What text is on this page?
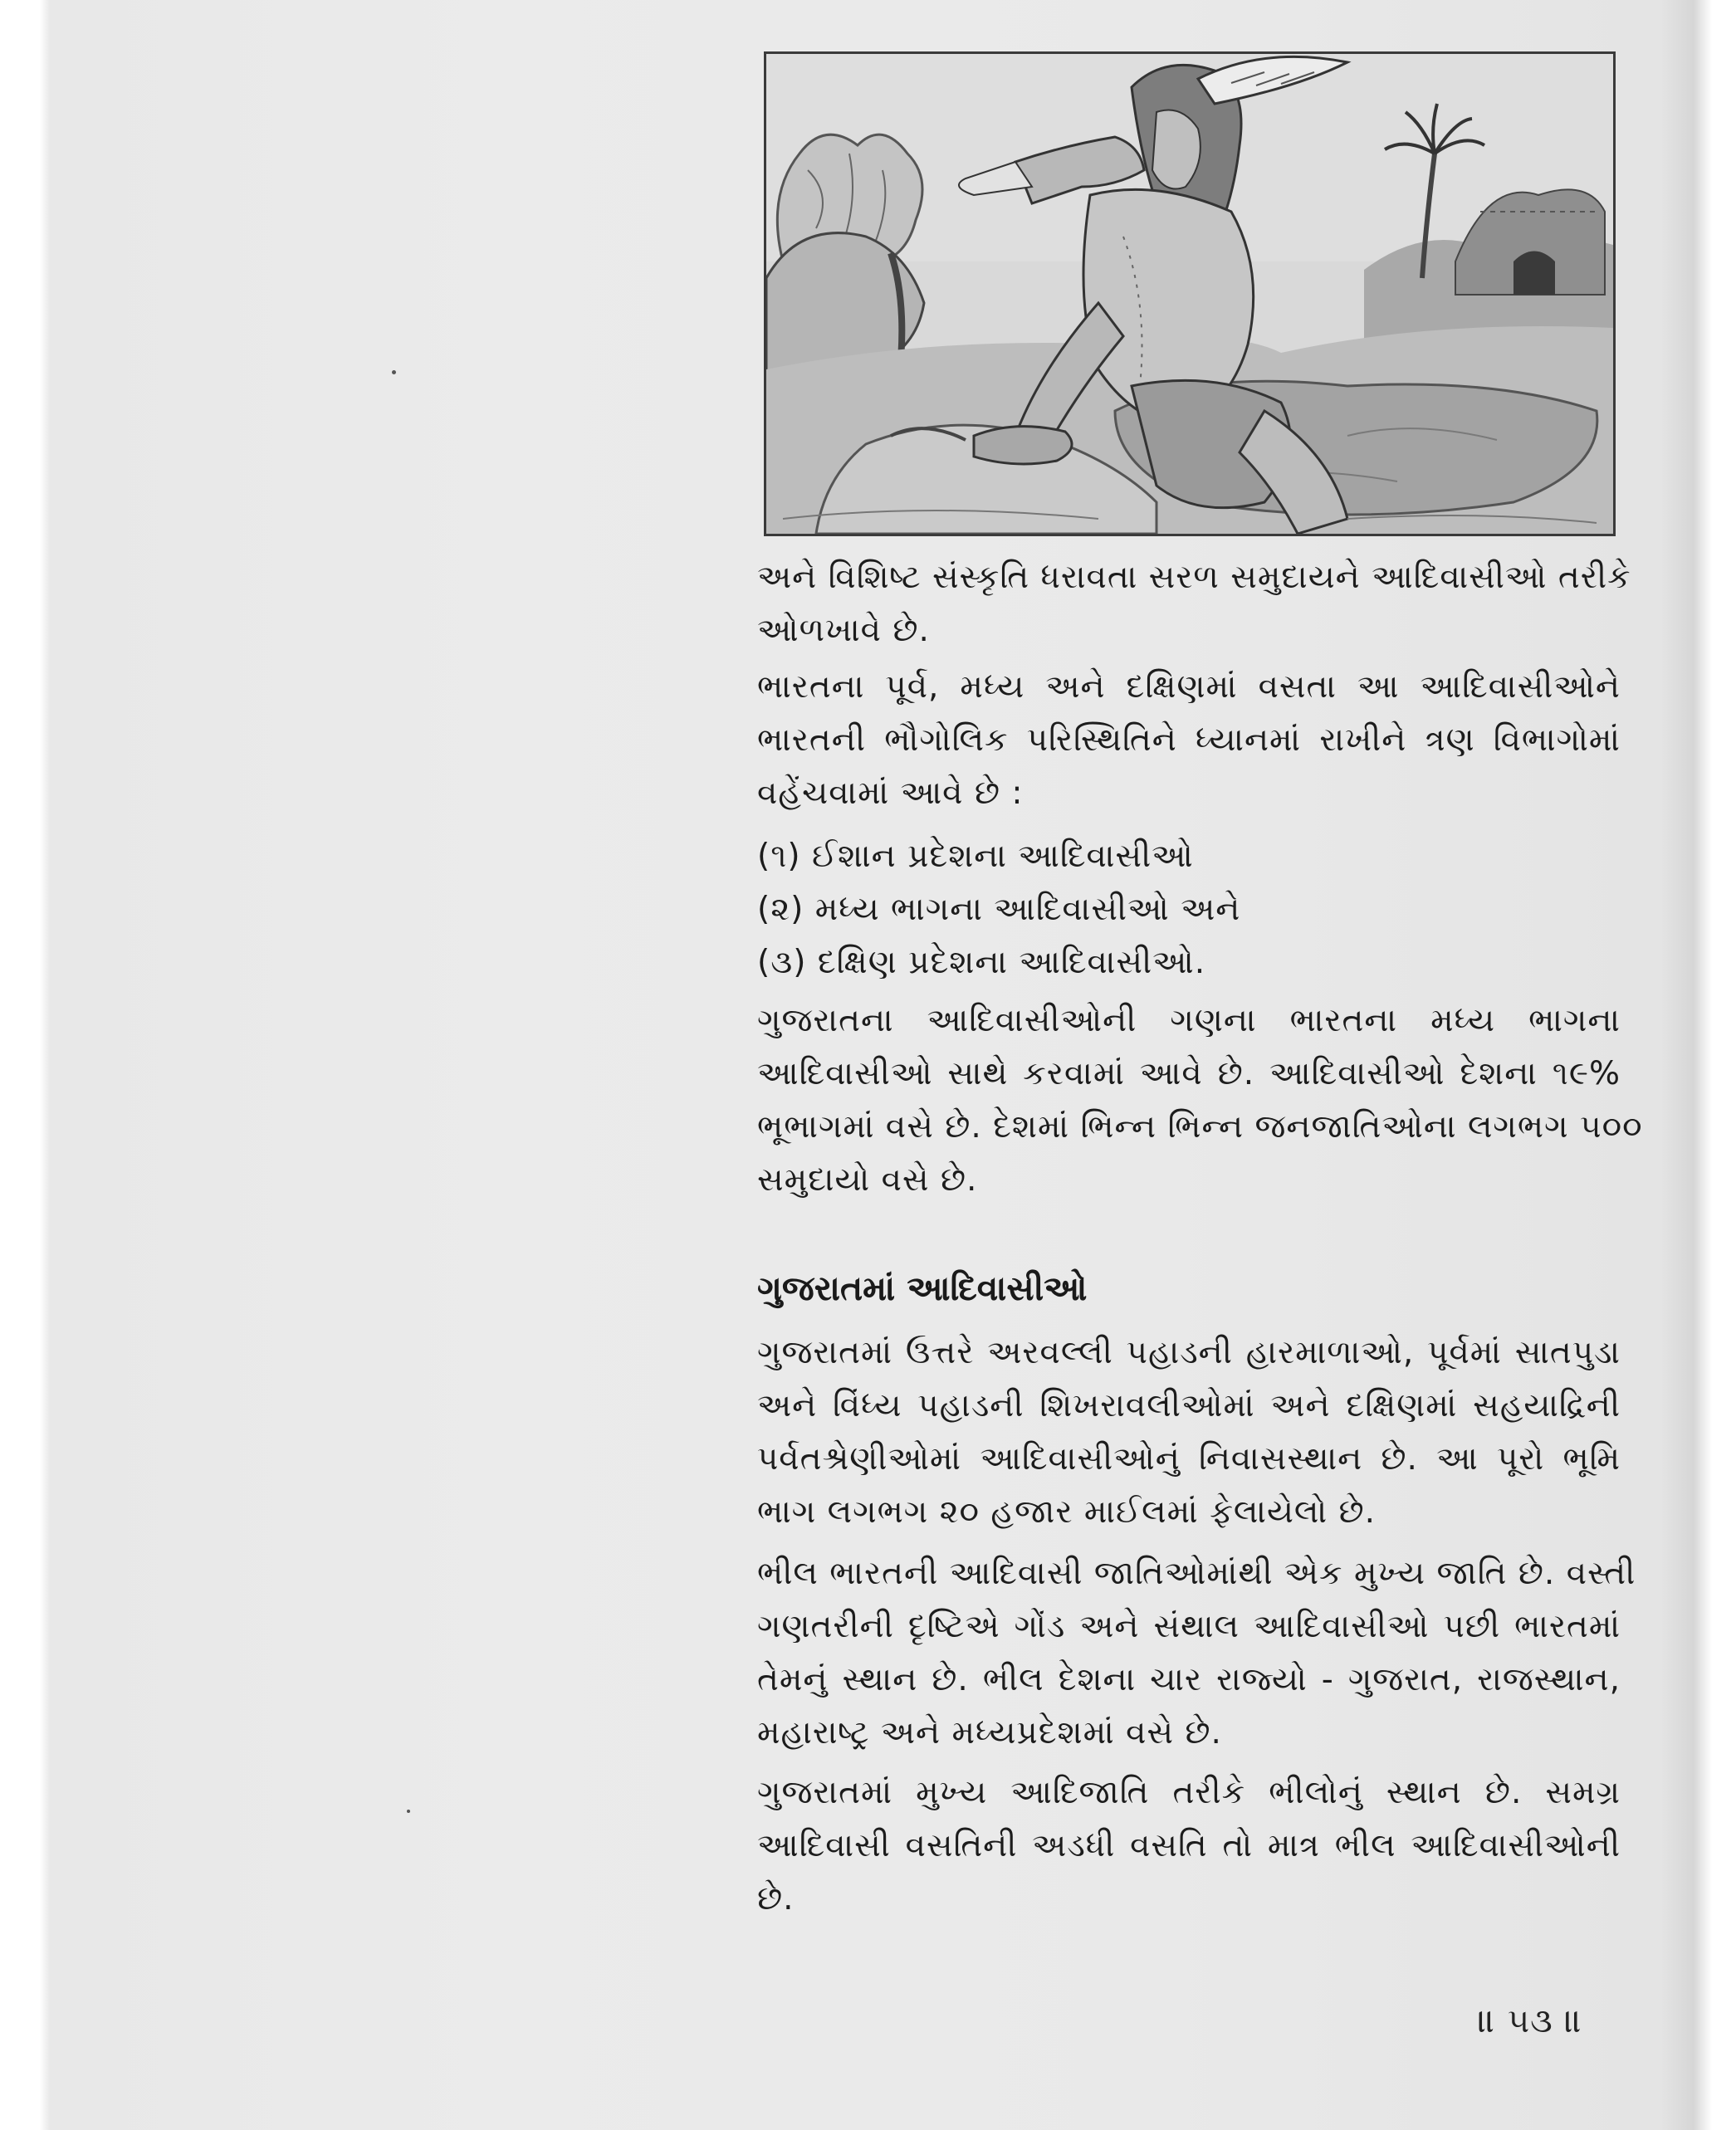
અને વિશિષ્ટ સંસ્કૃતિ ધરાવતા સરળ સમુદાયને આદિવાસીઓ તરીકે
ઓળખાવે છે.
ભારતના પૂર્વ, મધ્ય અને દક્ષિણમાં વસતા આ આદિવાસીઓને
ભારતની ભૌગોલિક પરિસ્થિતિને ધ્યાનમાં રાખીને ત્રણ વિભાગોમાં
વહેંચવામાં આવે છે :
(૧) ઈશાન પ્રદેશના આદિવાસીઓ
(૨) મધ્ય ભાગના આદિવાસીઓ અને
(૩) દક્ષિણ પ્રદેશના આદિવાસીઓ.
ગુજરાતના આદિવાસીઓની ગણના ભારતના મધ્ય ભાગના
આદિવાસીઓ સાથે કરવામાં આવે છે. આદિવાસીઓ દેશના ૧૯%
ભૂભાગમાં વસે છે. દેશમાં ભિન્ન ભિન્ન જનજાતિઓના લગભગ ૫૦૦
સમુદાયો વસે છે.
ગુજરાતમાં આદિવાસીઓ
ગુજરાતમાં ઉત્તરે અરવલ્લી પહાડની હારમાળાઓ, પૂર્વમાં સાતપુડા
અને વિંધ્ય પહાડની શિખરાવલીઓમાં અને દક્ષિણમાં સહયાદ્રિની
પર્વતશ્રેણીઓમાં આદિવાસીઓનું નિવાસસ્થાન છે. આ પૂરો ભૂમિ
ભાગ લગભગ ૨૦ હજાર માઈલમાં ફેલાયેલો છે.
ભીલ ભારતની આદિવાસી જાતિઓમાંથી એક મુખ્ય જાતિ છે. વસ્તી
ગણતરીની દૃષ્ટિએ ગોંડ અને સંથાલ આદિવાસીઓ પછી ભારતમાં
તેમનું સ્થાન છે. ભીલ દેશના ચાર રાજ્યો - ગુજરાત, રાજસ્થાન,
મહારાષ્ટ્ર અને મધ્યપ્રદેશમાં વસે છે.
ગુજરાતમાં મુખ્ય આદિજાતિ તરીકે ભીલોનું સ્થાન છે. સમગ્ર
આદિવાસી વસતિની અડધી વસતિ તો માત્ર ભીલ આદિવાસીઓની
છે.
॥ ૫૩ ॥
